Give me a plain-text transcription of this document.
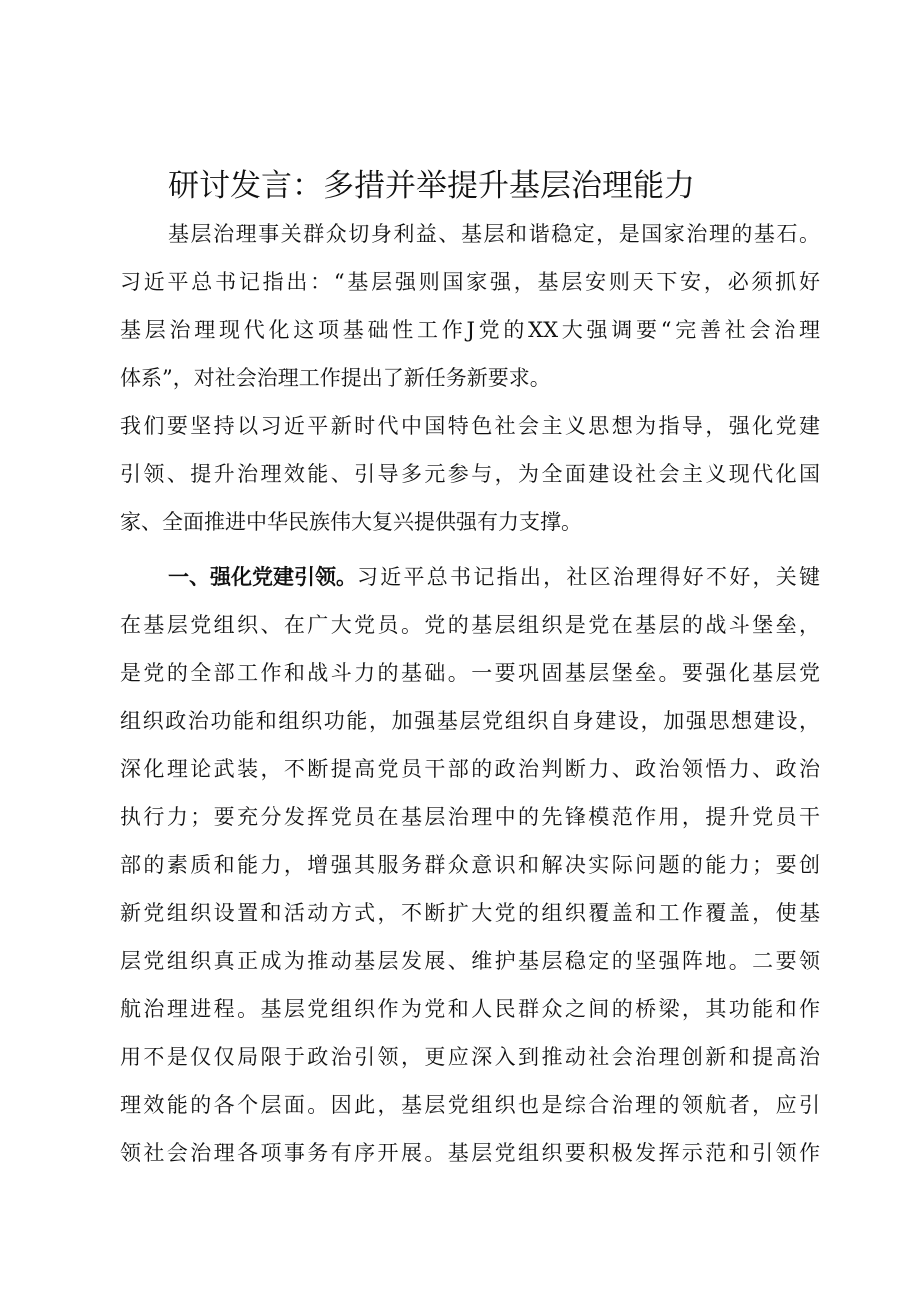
研讨发言：多措并举提升基层治理能力

基层治理事关群众切身利益、基层和谐稳定，是国家治理的基石。

习近平总书记指出：“基层强则国家强，基层安则天下安，必须抓好

基层治理现代化这项基础性工作J党的XX大强调要“完善社会治理

体系”，对社会治理工作提出了新任务新要求。

我们要坚持以习近平新时代中国特色社会主义思想为指导，强化党建

引领、提升治理效能、引导多元参与，为全面建设社会主义现代化国

家、全面推进中华民族伟大复兴提供强有力支撑。

一、强化党建引领。 习近平总书记指出，社区治理得好不好，关键

在基层党组织、在广大党员。党的基层组织是党在基层的战斗堡垒，

是党的全部工作和战斗力的基础。一要巩固基层堡垒。要强化基层党

组织政治功能和组织功能，加强基层党组织自身建设，加强思想建设，

深化理论武装，不断提高党员干部的政治判断力、政治领悟力、政治

执行力；要充分发挥党员在基层治理中的先锋模范作用，提升党员干

部的素质和能力，增强其服务群众意识和解决实际问题的能力；要创

新党组织设置和活动方式，不断扩大党的组织覆盖和工作覆盖，使基

层党组织真正成为推动基层发展、维护基层稳定的坚强阵地。二要领

航治理进程。基层党组织作为党和人民群众之间的桥梁，其功能和作

用不是仅仅局限于政治引领，更应深入到推动社会治理创新和提高治

理效能的各个层面。因此，基层党组织也是综合治理的领航者，应引

领社会治理各项事务有序开展。基层党组织要积极发挥示范和引领作
